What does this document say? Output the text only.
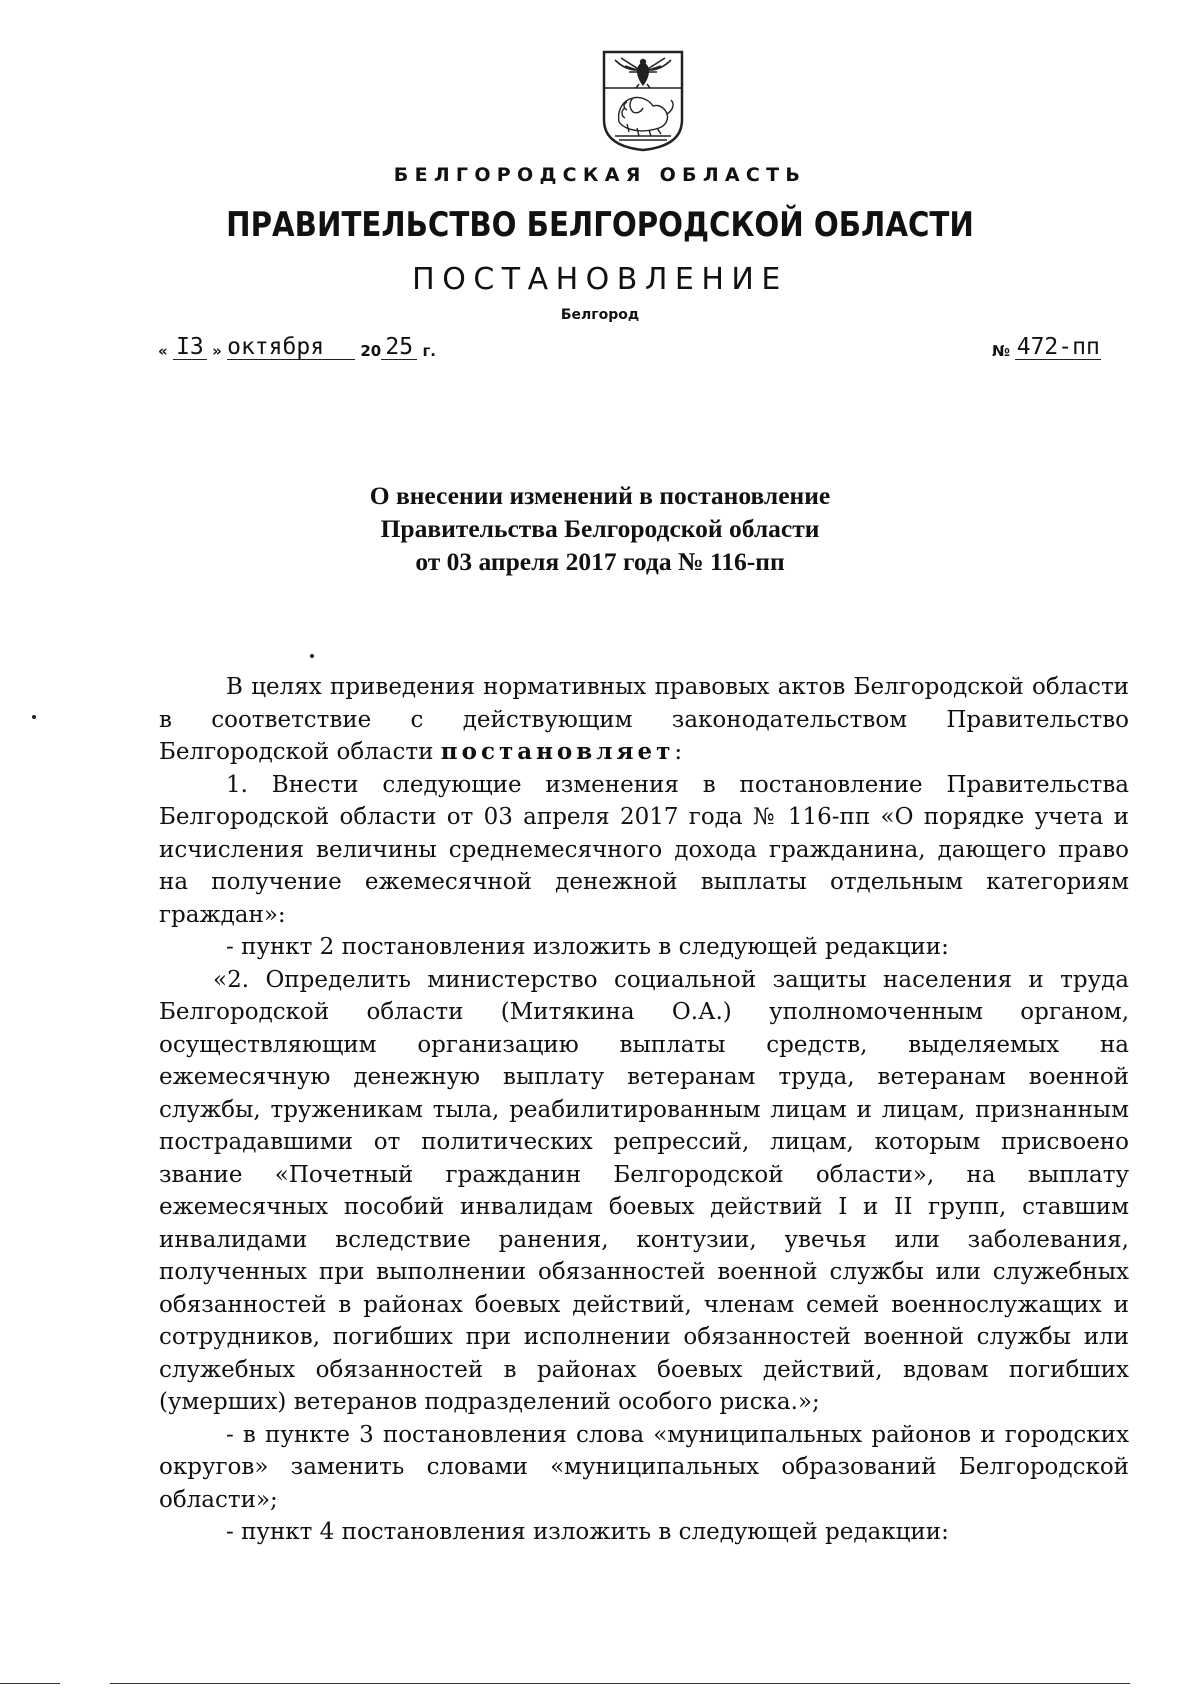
БЕЛГОРОДСКАЯ ОБЛАСТЬ
ПРАВИТЕЛЬСТВО БЕЛГОРОДСКОЙ ОБЛАСТИ
ПОСТАНОВЛЕНИЕ
Белгород
« I3 » октября 20 25 г.	№ 472-пп
О внесении изменений в постановление
Правительства Белгородской области
от 03 апреля 2017 года № 116-пп

В целях приведения нормативных правовых актов Белгородской области в соответствие с действующим законодательством Правительство Белгородской области постановляет:

1. Внести следующие изменения в постановление Правительства Белгородской области от 03 апреля 2017 года № 116-пп «О порядке учета и исчисления величины среднемесячного дохода гражданина, дающего право на получение ежемесячной денежной выплаты отдельным категориям граждан»:

- пункт 2 постановления изложить в следующей редакции:

«2. Определить министерство социальной защиты населения и труда Белгородской области (Митякина О.А.) уполномоченным органом, осуществляющим организацию выплаты средств, выделяемых на ежемесячную денежную выплату ветеранам труда, ветеранам военной службы, труженикам тыла, реабилитированным лицам и лицам, признанным пострадавшими от политических репрессий, лицам, которым присвоено звание «Почетный гражданин Белгородской области», на выплату ежемесячных пособий инвалидам боевых действий I и II групп, ставшим инвалидами вследствие ранения, контузии, увечья или заболевания, полученных при выполнении обязанностей военной службы или служебных обязанностей в районах боевых действий, членам семей военнослужащих и сотрудников, погибших при исполнении обязанностей военной службы или служебных обязанностей в районах боевых действий, вдовам погибших (умерших) ветеранов подразделений особого риска.»;

- в пункте 3 постановления слова «муниципальных районов и городских округов» заменить словами «муниципальных образований Белгородской области»;

- пункт 4 постановления изложить в следующей редакции:
